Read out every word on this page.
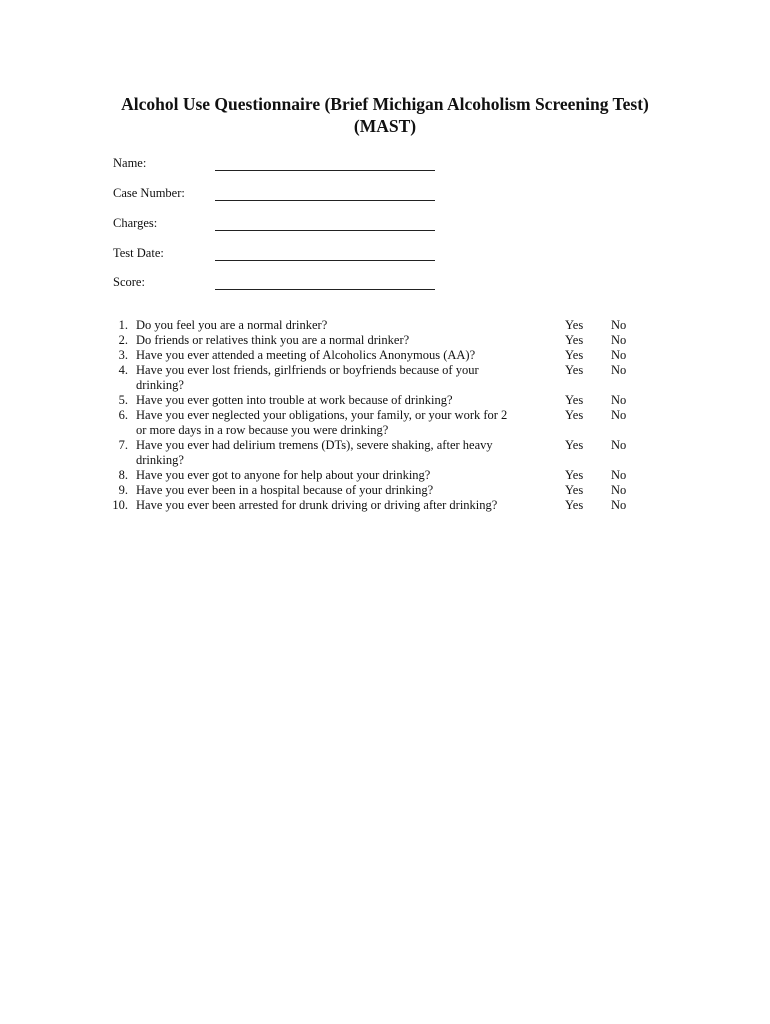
Alcohol Use Questionnaire (Brief Michigan Alcoholism Screening Test)
(MAST)
Name:
Case Number:
Charges:
Test Date:
Score:
1. Do you feel you are a normal drinker?	Yes No
2. Do friends or relatives think you are a normal drinker?	Yes No
3. Have you ever attended a meeting of Alcoholics Anonymous (AA)?	Yes No
4. Have you ever lost friends, girlfriends or boyfriends because of your drinking?
Yes No
5. Have you ever gotten into trouble at work because of drinking?	Yes No
6. Have you ever neglected your obligations, your family, or your work for 2 or more days in a row because you were drinking?
Yes No
7. Have you ever had delirium tremens (DTs), severe shaking, after heavy drinking?
Yes No
8. Have you ever got to anyone for help about your drinking?	Yes No
9. Have you ever been in a hospital because of your drinking?	Yes No
10. Have you ever been arrested for drunk driving or driving after drinking?	Yes No
